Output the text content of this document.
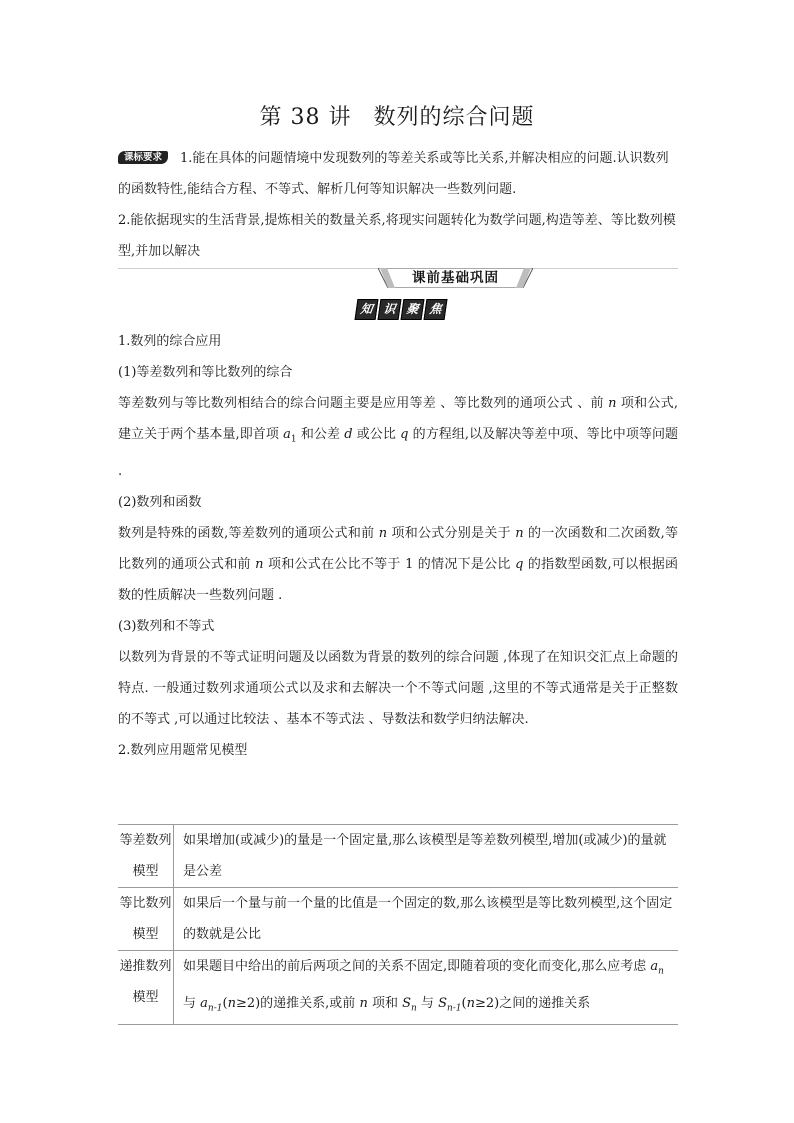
第 38 讲 数列的综合问题

课标要求 1.能在具体的问题情境中发现数列的等差关系或等比关系,并解决相应的问题.认识数列的函数特性,能结合方程、不等式、解析几何等知识解决一些数列问题.

2.能依据现实的生活背景,提炼相关的数量关系,将现实问题转化为数学问题,构造等差、等比数列模型,并加以解决

课前基础巩固
知 识 聚 焦

1.数列的综合应用

(1)等差数列和等比数列的综合

等差数列与等比数列相结合的综合问题主要是应用等差 、等比数列的通项公式 、前 n 项和公式,建立关于两个基本量,即首项 $a_1$ 和公差 d 或公比 q 的方程组,以及解决等差中项、等比中项等问题 .

(2)数列和函数

数列是特殊的函数,等差数列的通项公式和前 n 项和公式分别是关于 n 的一次函数和二次函数,等比数列的通项公式和前 n 项和公式在公比不等于 1 的情况下是公比 q 的指数型函数,可以根据函数的性质解决一些数列问题 .

(3)数列和不等式

以数列为背景的不等式证明问题及以函数为背景的数列的综合问题 ,体现了在知识交汇点上命题的特点. 一般通过数列求通项公式以及求和去解决一个不等式问题 ,这里的不等式通常是关于正整数的不等式 ,可以通过比较法 、基本不等式法 、导数法和数学归纳法解决.

2.数列应用题常见模型

等差数列模型	如果增加(或减少)的量是一个固定量,那么该模型是等差数列模型,增加(或减少)的量就是公差
等比数列模型	如果后一个量与前一个量的比值是一个固定的数,那么该模型是等比数列模型,这个固定的数就是公比
递推数列模型	如果题目中给出的前后两项之间的关系不固定,即随着项的变化而变化,那么应考虑 $a_n$ 与 $a_{n-1}(n\ge 2)$的递推关系,或前 n 项和 $S_n$ 与 $S_{n-1}(n\ge 2)$之间的递推关系
